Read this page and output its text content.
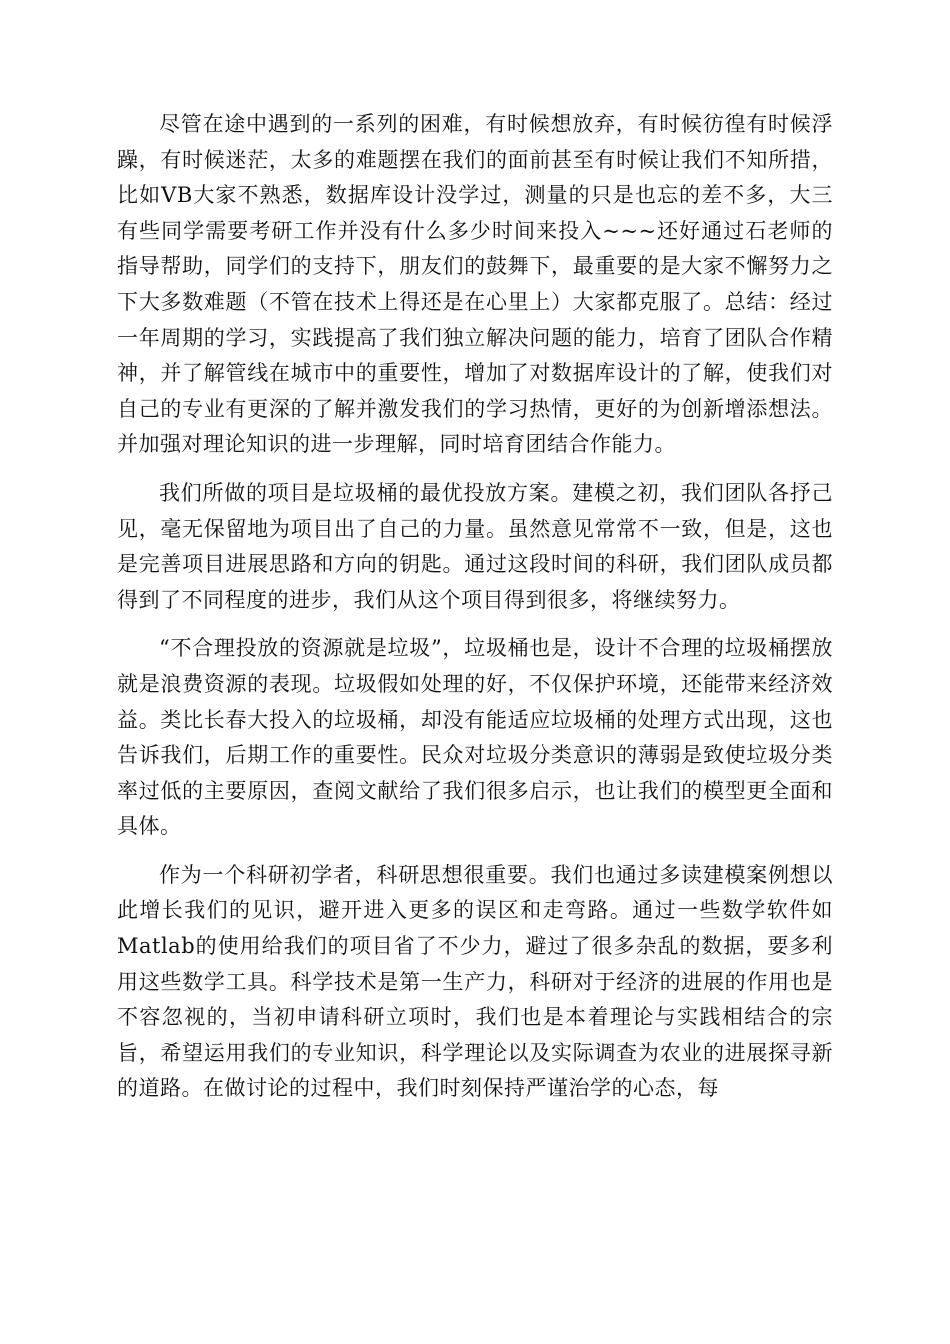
尽管在途中遇到的一系列的困难，有时候想放弃，有时候彷徨有时候浮躁，有时候迷茫，太多的难题摆在我们的面前甚至有时候让我们不知所措，比如VB大家不熟悉，数据库设计没学过，测量的只是也忘的差不多，大三有些同学需要考研工作并没有什么多少时间来投入~~~还好通过石老师的指导帮助，同学们的支持下，朋友们的鼓舞下，最重要的是大家不懈努力之下大多数难题（不管在技术上得还是在心里上）大家都克服了。总结：经过一年周期的学习，实践提高了我们独立解决问题的能力，培育了团队合作精神，并了解管线在城市中的重要性，增加了对数据库设计的了解，使我们对自己的专业有更深的了解并激发我们的学习热情，更好的为创新增添想法。并加强对理论知识的进一步理解，同时培育团结合作能力。

我们所做的项目是垃圾桶的最优投放方案。建模之初，我们团队各抒己见，毫无保留地为项目出了自己的力量。虽然意见常常不一致，但是，这也是完善项目进展思路和方向的钥匙。通过这段时间的科研，我们团队成员都得到了不同程度的进步，我们从这个项目得到很多，将继续努力。

“不合理投放的资源就是垃圾”，垃圾桶也是，设计不合理的垃圾桶摆放就是浪费资源的表现。垃圾假如处理的好，不仅保护环境，还能带来经济效益。类比长春大投入的垃圾桶，却没有能适应垃圾桶的处理方式出现，这也告诉我们，后期工作的重要性。民众对垃圾分类意识的薄弱是致使垃圾分类率过低的主要原因，查阅文献给了我们很多启示，也让我们的模型更全面和具体。

作为一个科研初学者，科研思想很重要。我们也通过多读建模案例想以此增长我们的见识，避开进入更多的误区和走弯路。通过一些数学软件如Matlab的使用给我们的项目省了不少力，避过了很多杂乱的数据，要多利用这些数学工具。科学技术是第一生产力，科研对于经济的进展的作用也是不容忽视的，当初申请科研立项时，我们也是本着理论与实践相结合的宗旨，希望运用我们的专业知识，科学理论以及实际调查为农业的进展探寻新的道路。在做讨论的过程中，我们时刻保持严谨治学的心态，每
